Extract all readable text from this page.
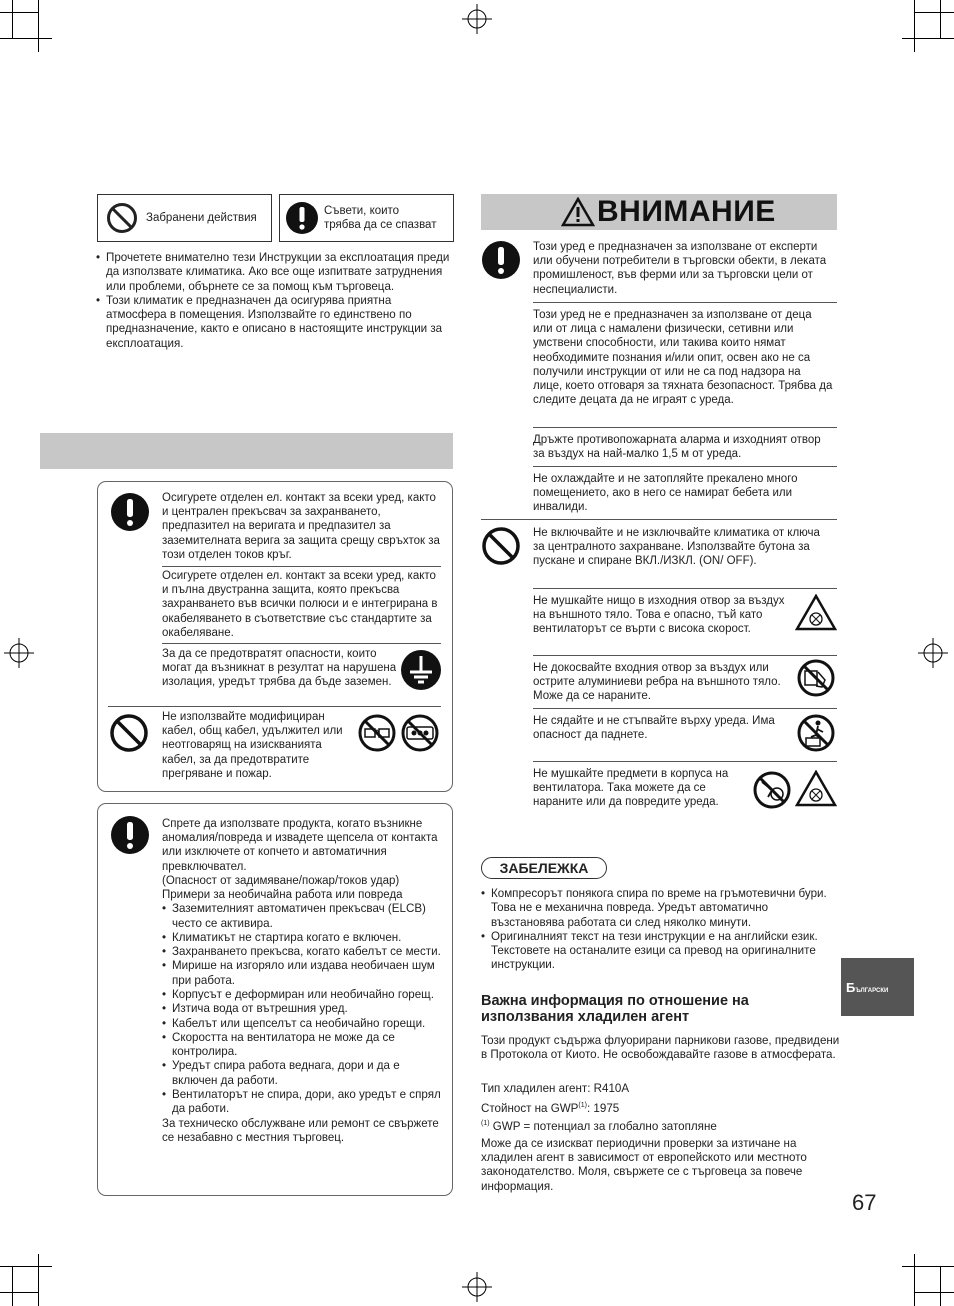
Забранени действия
Съвети, които
трябва да се спазват
• Прочетете внимателно тези Инструкции за експлоатация преди да използвате климатика. Ако все още изпитвате затруднения или проблеми, обърнете се за помощ към търговеца.
• Този климатик е предназначен да осигурява приятна атмосфера в помещения. Използвайте го единствено по предназначение, както е описано в настоящите инструкции за експлоатация.
Осигурете отделен ел. контакт за всеки уред, както и централен прекъсвач за захранването, предпазител на веригата и предпазител за заземителната верига за защита срещу свръхток за този отделен токов кръг.
Осигурете отделен ел. контакт за всеки уред, както и пълна двустранна защита, която прекъсва захранването във всички полюси и е интегрирана в окабеляването в съответствие със стандартите за окабеляване.
За да се предотвратят опасности, които могат да възникнат в резултат на нарушена изолация, уредът трябва да бъде заземен.
Не използвайте модифициран кабел, общ кабел, удължител или неотговарящ на изискванията кабел, за да предотвратите прегряване и пожар.
Спрете да използвате продукта, когато възникне аномалия/повреда и извадете щепсела от контакта или изключете от копчето и автоматичния превключвател.
(Опасност от задимяване/пожар/токов удар)
Примери за необичайна работа или повреда
• Заземителният автоматичен прекъсвач (ELCB) често се активира.
• Климатикът не стартира когато е включен.
• Захранването прекъсва, когато кабелът се мести.
• Мирише на изгоряло или издава необичаен шум при работа.
• Корпусът е деформиран или необичайно горещ.
• Изтича вода от вътрешния уред.
• Кабелът или щепселът са необичайно горещи.
• Скоростта на вентилатора не може да се контролира.
• Уредът спира работа веднага, дори и да е включен да работи.
• Вентилаторът не спира, дори, ако уредът е спрял да работи.
За техническо обслужване или ремонт се свържете се незабавно с местния търговец.
ВНИМАНИЕ
Този уред е предназначен за използване от експерти или обучени потребители в търговски обекти, в леката промишленост, във ферми или за търговски цели от неспециалисти.
Този уред не е предназначен за използване от деца или от лица с намалени физически, сетивни или умствени способности, или такива които нямат необходимите познания и/или опит, освен ако не са получили инструкции от или не са под надзора на лице, което отговаря за тяхната безопасност. Трябва да следите децата да не играят с уреда.
Дръжте противопожарната аларма и изходният отвор за въздух на най-малко 1,5 м от уреда.
Не охлаждайте и не затопляйте прекалено много помещението, ако в него се намират бебета или инвалиди.
Не включвайте и не изключвайте климатика от ключа за централното захранване. Използвайте бутона за пускане и спиране ВКЛ./ИЗКЛ. (ON/ OFF).
Не мушкайте нищо в изходния отвор за въздух на външното тяло. Това е опасно, тъй като вентилаторът се върти с висока скорост.
Не докосвайте входния отвор за въздух или острите алуминиеви ребра на външното тяло. Може да се нараните.
Не сядайте и не стъпвайте върху уреда. Има опасност да паднете.
Не мушкайте предмети в корпуса на вентилатора. Така можете да се нараните или да повредите уреда.
ЗАБЕЛЕЖКА
• Компресорът понякога спира по време на гръмотевични бури. Това не е механична повреда. Уредът автоматично възстановява работата си след няколко минути.
• Оригиналният текст на тези инструкции е на английски език. Текстовете на останалите езици са превод на оригиналните инструкции.
Важна информация по отношение на използвания хладилен агент
Този продукт съдържа флуорирани парникови газове, предвидени в Протокола от Киото. Не освобождавайте газове в атмосферата.
Тип хладилен агент: R410A
Стойност на GWP$^{(1)}$: 1975
$^{(1)}$ GWP = потенциал за глобално затопляне
Може да се изискват периодични проверки за изтичане на хладилен агент в зависимост от европейското или местното законодателство. Моля, свържете се с търговеца за повече информация.
БЪЛГАРСКИ
67
